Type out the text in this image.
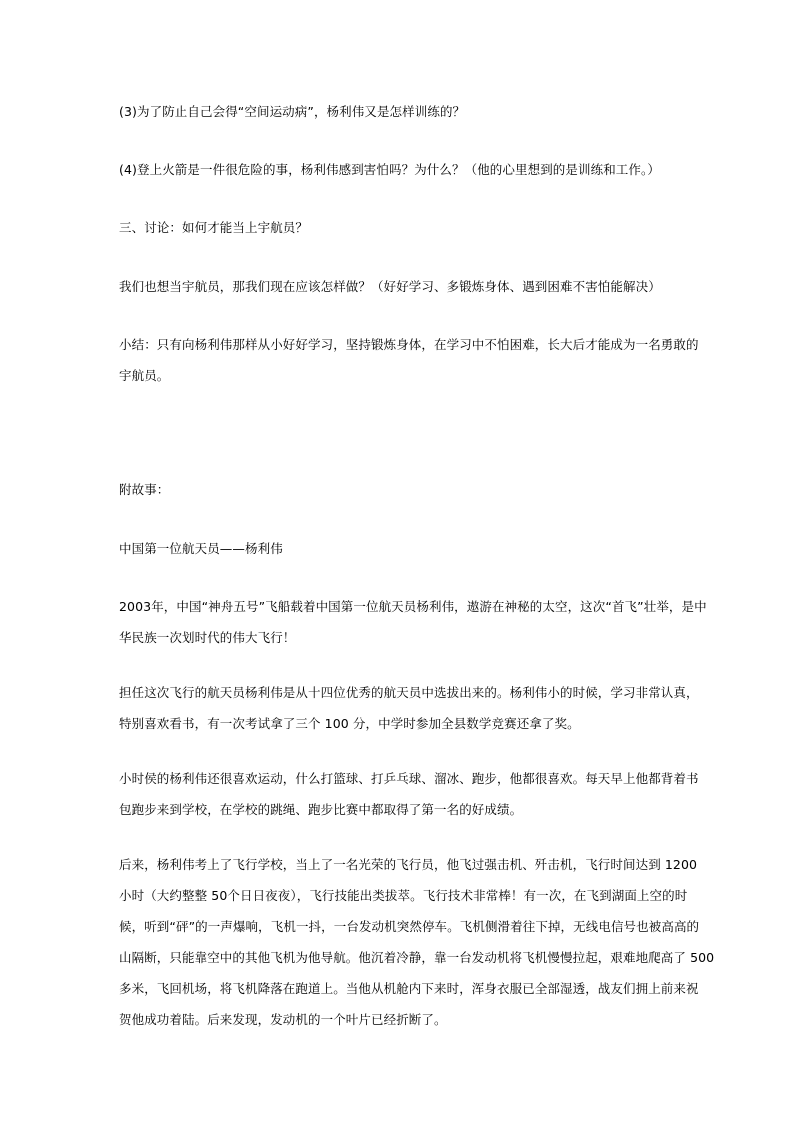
(3)为了防止自己会得“空间运动病”，杨利伟又是怎样训练的？
(4)登上火箭是一件很危险的事，杨利伟感到害怕吗？为什么？（他的心里想到的是训练和工作。）
三、讨论：如何才能当上宇航员？
我们也想当宇航员，那我们现在应该怎样做？（好好学习、多锻炼身体、遇到困难不害怕能解决）
小结：只有向杨利伟那样从小好好学习，坚持锻炼身体，在学习中不怕困难，长大后才能成为一名勇敢的
宇航员。
附故事：
中国第一位航天员——杨利伟
2003年，中国“神舟五号”飞船载着中国第一位航天员杨利伟，遨游在神秘的太空，这次“首飞”壮举，是中
华民族一次划时代的伟大飞行！
担任这次飞行的航天员杨利伟是从十四位优秀的航天员中选拔出来的。杨利伟小的时候，学习非常认真，
特别喜欢看书，有一次考试拿了三个 100 分，中学时参加全县数学竞赛还拿了奖。
小时侯的杨利伟还很喜欢运动，什么打篮球、打乒乓球、溜冰、跑步，他都很喜欢。每天早上他都背着书
包跑步来到学校，在学校的跳绳、跑步比赛中都取得了第一名的好成绩。
后来，杨利伟考上了飞行学校，当上了一名光荣的飞行员，他飞过强击机、歼击机，飞行时间达到 1200
小时（大约整整 50个日日夜夜），飞行技能出类拔萃。飞行技术非常棒！有一次，在飞到湖面上空的时
候，听到“砰”的一声爆响，飞机一抖，一台发动机突然停车。飞机侧滑着往下掉，无线电信号也被高高的
山隔断，只能靠空中的其他飞机为他导航。他沉着冷静，靠一台发动机将飞机慢慢拉起，艰难地爬高了 500
多米，飞回机场，将飞机降落在跑道上。当他从机舱内下来时，浑身衣服已全部湿透，战友们拥上前来祝
贺他成功着陆。后来发现，发动机的一个叶片已经折断了。
